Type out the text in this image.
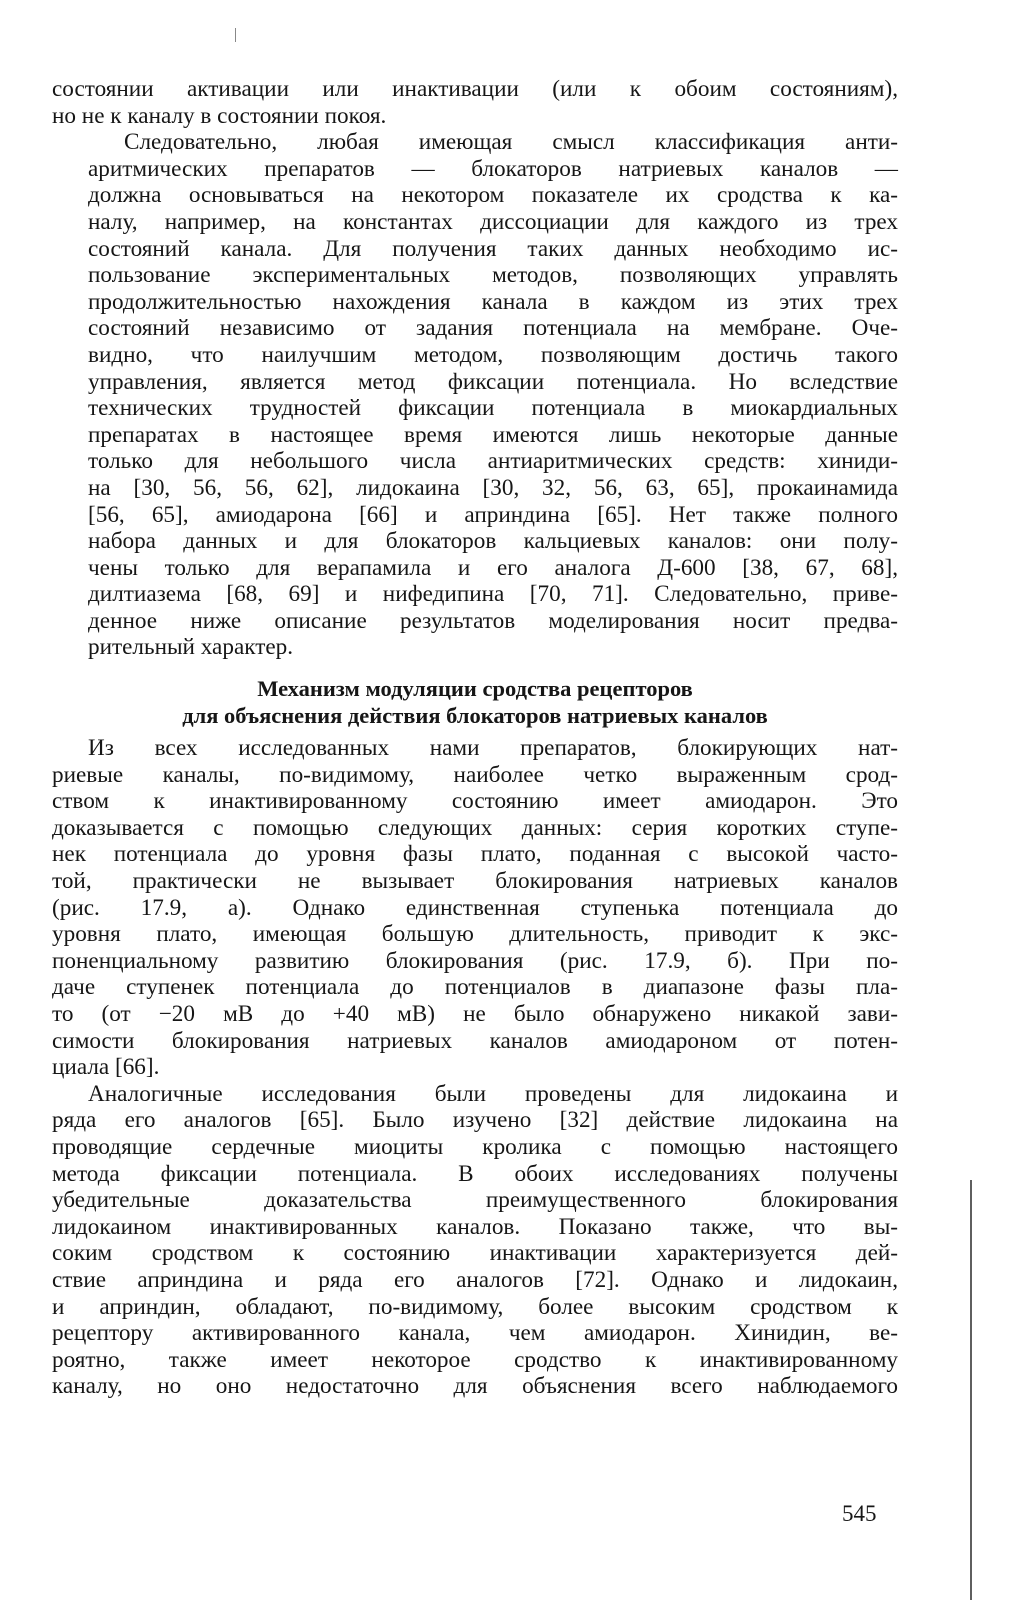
состоянии активации или инактивации (или к обоим состояниям),
но не к каналу в состоянии покоя.
Следовательно, любая имеющая смысл классификация анти-
аритмических препаратов — блокаторов натриевых каналов —
должна основываться на некотором показателе их сродства к ка-
налу, например, на константах диссоциации для каждого из трех
состояний канала. Для получения таких данных необходимо ис-
пользование экспериментальных методов, позволяющих управлять
продолжительностью нахождения канала в каждом из этих трех
состояний независимо от задания потенциала на мембране. Оче-
видно, что наилучшим методом, позволяющим достичь такого
управления, является метод фиксации потенциала. Но вследствие
технических трудностей фиксации потенциала в миокардиальных
препаратах в настоящее время имеются лишь некоторые данные
только для небольшого числа антиаритмических средств: хиниди-
на [30, 56, 56, 62], лидокаина [30, 32, 56, 63, 65], прокаинамида
[56, 65], амиодарона [66] и априндина [65]. Нет также полного
набора данных и для блокаторов кальциевых каналов: они полу-
чены только для верапамила и его аналога Д-600 [38, 67, 68],
дилтиазема [68, 69] и нифедипина [70, 71]. Следовательно, приве-
денное ниже описание результатов моделирования носит предва-
рительный характер.
Механизм модуляции сродства рецепторов
для объяснения действия блокаторов натриевых каналов
Из всех исследованных нами препаратов, блокирующих нат-
риевые каналы, по-видимому, наиболее четко выраженным срод-
ством к инактивированному состоянию имеет амиодарон. Это
доказывается с помощью следующих данных: серия коротких ступе-
нек потенциала до уровня фазы плато, поданная с высокой часто-
той, практически не вызывает блокирования натриевых каналов
(рис. 17.9, а). Однако единственная ступенька потенциала до
уровня плато, имеющая большую длительность, приводит к экс-
поненциальному развитию блокирования (рис. 17.9, б). При по-
даче ступенек потенциала до потенциалов в диапазоне фазы пла-
то (от −20 мВ до +40 мВ) не было обнаружено никакой зави-
симости блокирования натриевых каналов амиодароном от потен-
циала [66].
Аналогичные исследования были проведены для лидокаина и
ряда его аналогов [65]. Было изучено [32] действие лидокаина на
проводящие сердечные миоциты кролика с помощью настоящего
метода фиксации потенциала. В обоих исследованиях получены
убедительные доказательства преимущественного блокирования
лидокаином инактивированных каналов. Показано также, что вы-
соким сродством к состоянию инактивации характеризуется дей-
ствие априндина и ряда его аналогов [72]. Однако и лидокаин,
и априндин, обладают, по-видимому, более высоким сродством к
рецептору активированного канала, чем амиодарон. Хинидин, ве-
роятно, также имеет некоторое сродство к инактивированному
каналу, но оно недостаточно для объяснения всего наблюдаемого
545
